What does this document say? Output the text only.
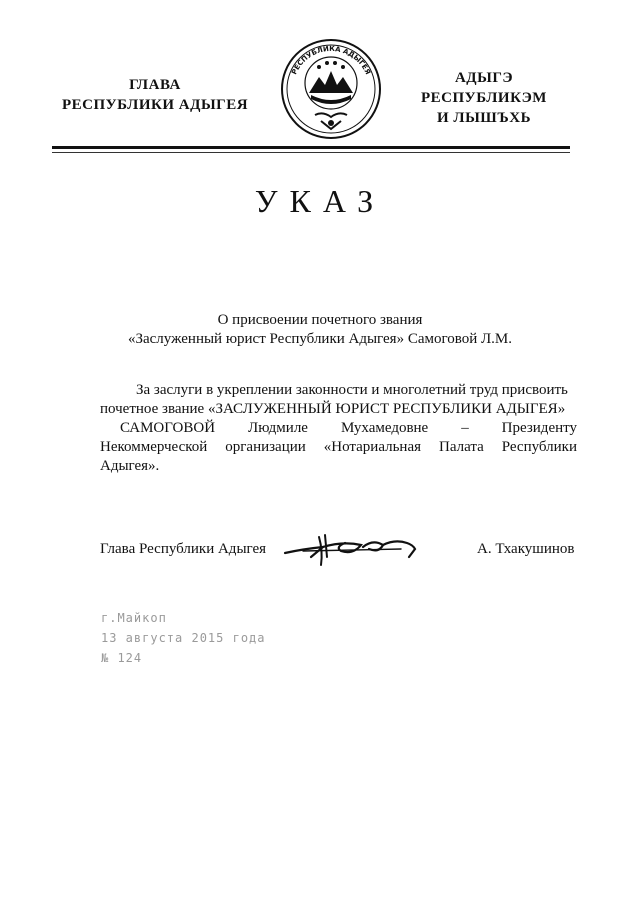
ГЛАВА
РЕСПУБЛИКИ АДЫГЕЯ
РЕСПУБЛИКА АДЫГЕЯ	АДЫГЭ РЕСПУБЛИКЭМ
И ЛЫШЪХЬ
УКАЗ
О присвоении почетного звания
«Заслуженный юрист Республики Адыгея» Самоговой Л.М.
За заслуги в укреплении законности и многолетний труд присвоить
почетное звание «ЗАСЛУЖЕННЫЙ ЮРИСТ РЕСПУБЛИКИ АДЫГЕЯ»
САМОГОВОЙ Людмиле Мухамедовне – Президенту
Некоммерческой организации «Нотариальная Палата Республики
Адыгея».
Глава Республики Адыгея	А. Тхакушинов
г.Майкоп
13 августа 2015 года
№ 124
